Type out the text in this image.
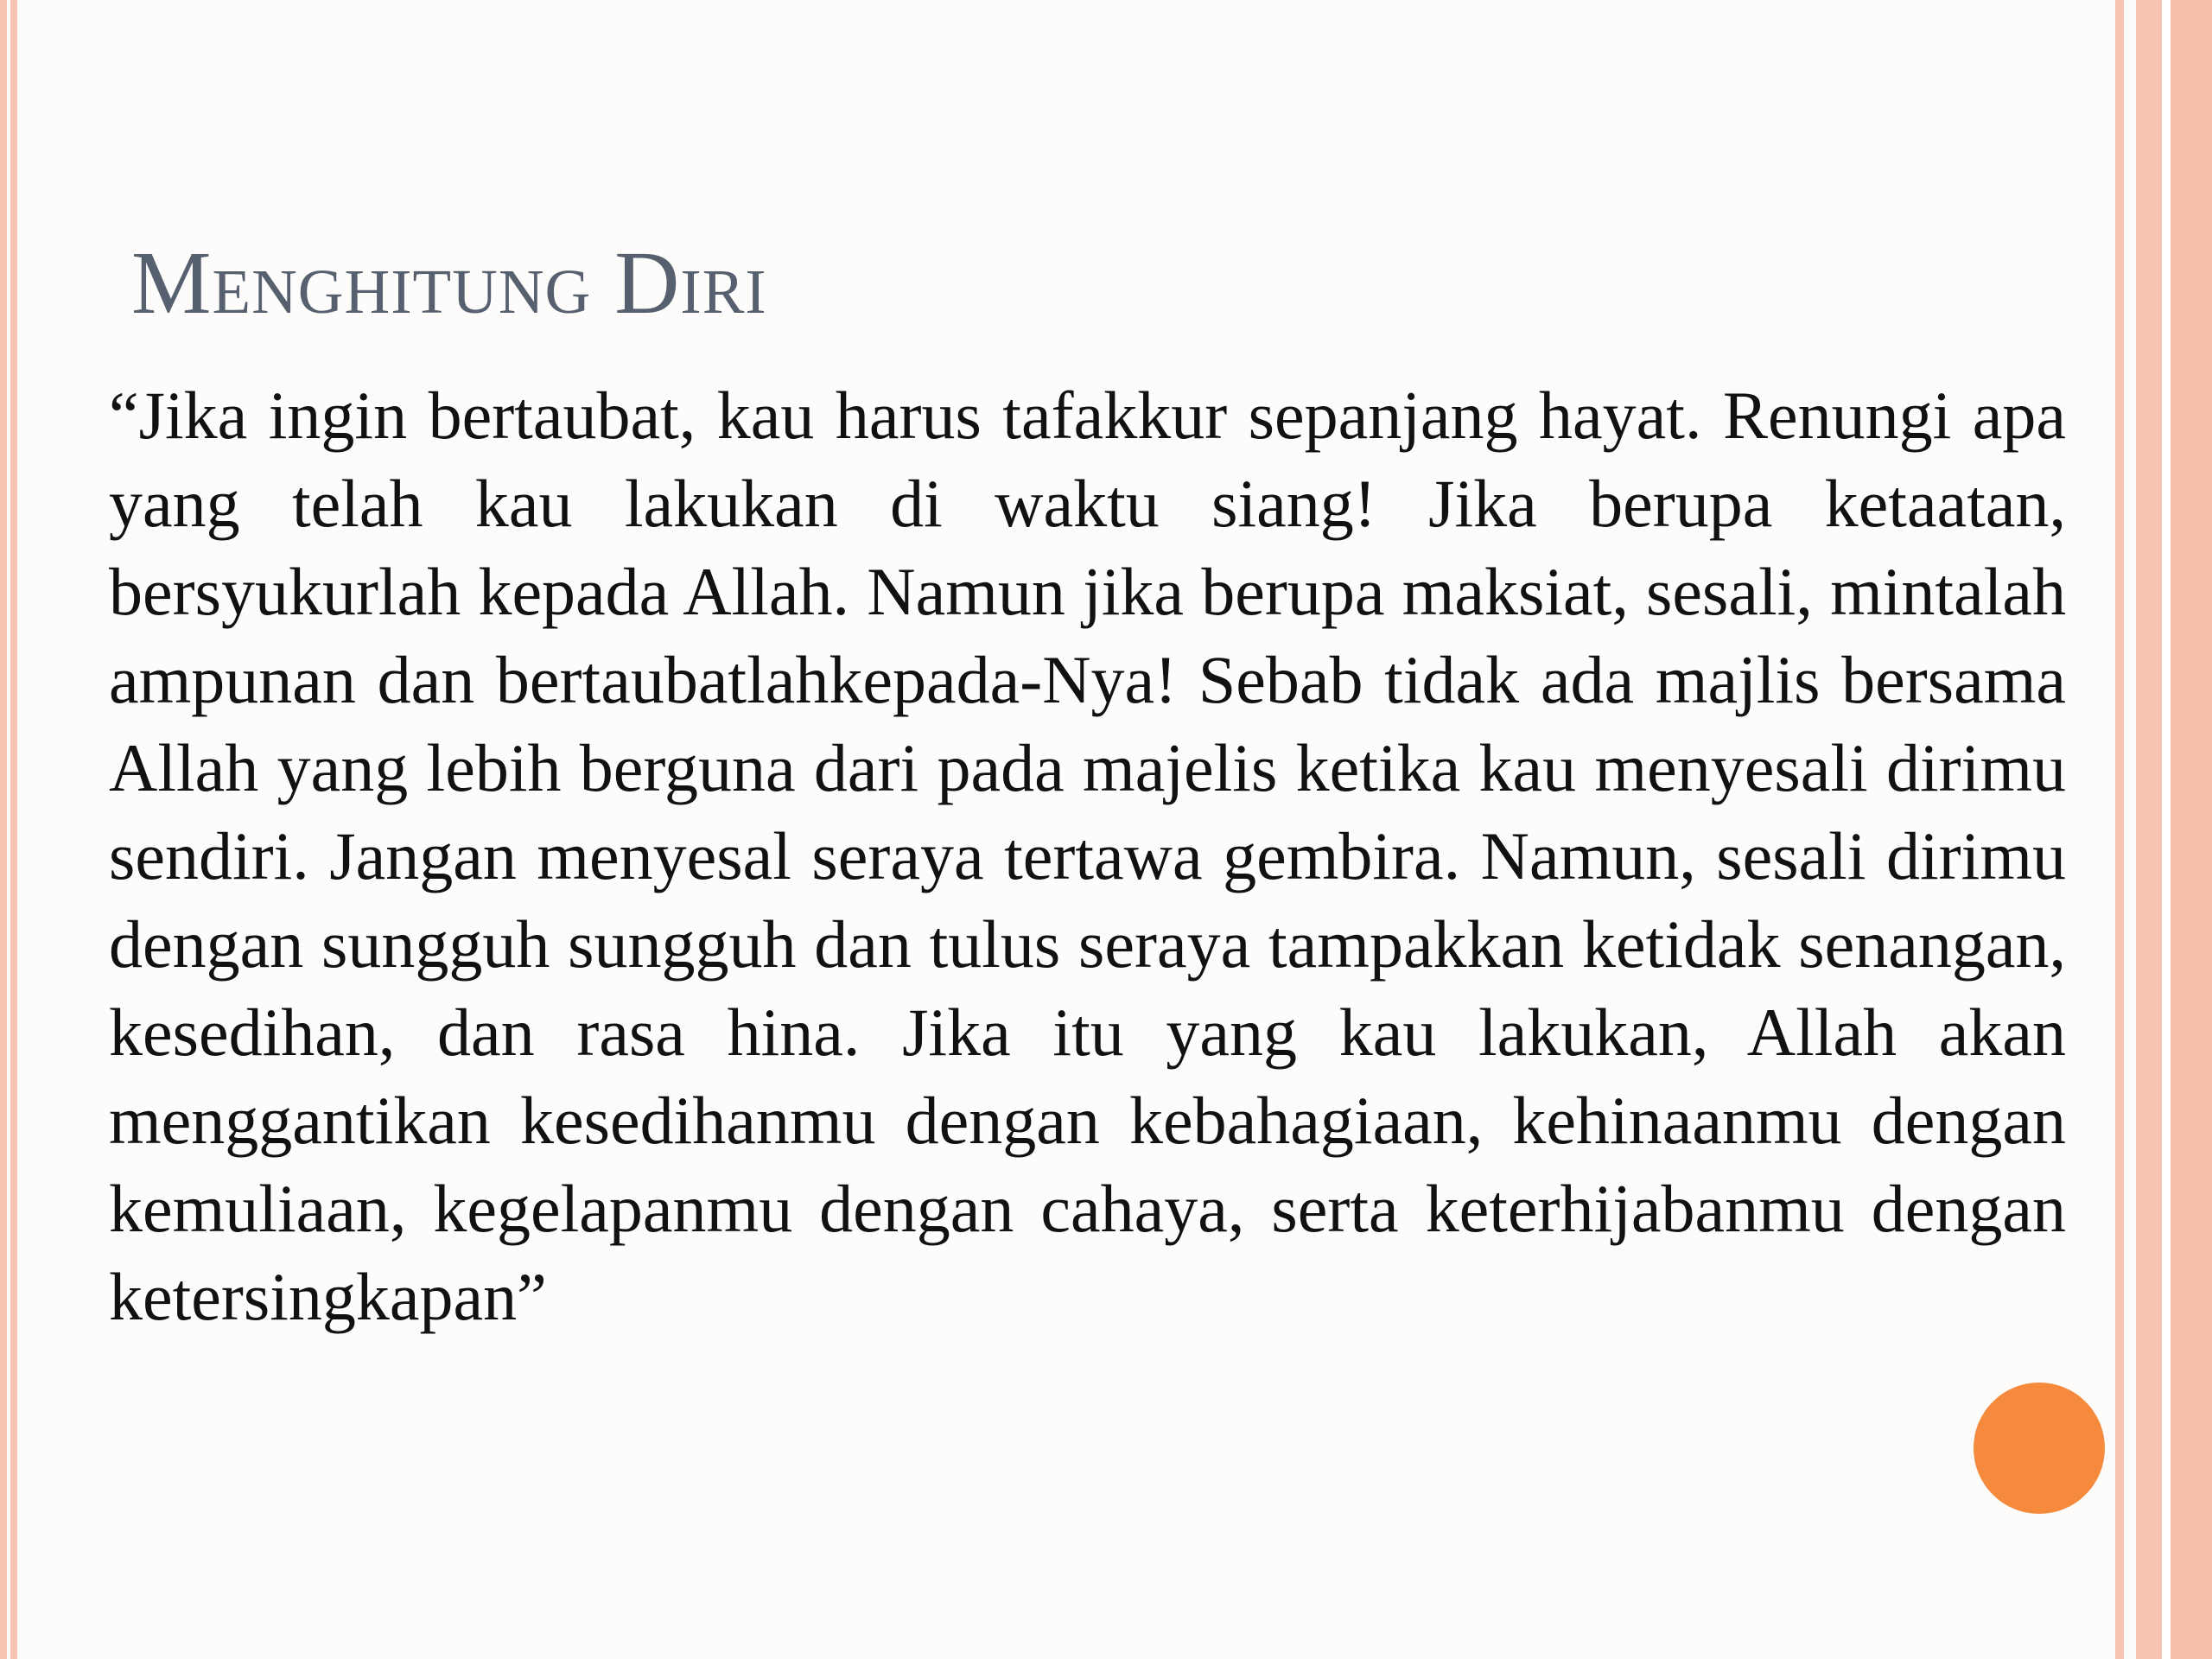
Menghitung Diri

“Jika ingin bertaubat, kau harus tafakkur sepanjang hayat. Renungi apa yang telah kau lakukan di waktu siang! Jika berupa ketaatan, bersyukurlah kepada Allah. Namun jika berupa maksiat, sesali, mintalah ampunan dan bertaubatlahkepada-Nya! Sebab tidak ada majlis bersama Allah yang lebih berguna dari pada majelis ketika kau menyesali dirimu sendiri. Jangan menyesal seraya tertawa gembira. Namun, sesali dirimu dengan sungguh sungguh dan tulus seraya tampakkan ketidak senangan, kesedihan, dan rasa hina. Jika itu yang kau lakukan, Allah akan menggantikan kesedihanmu dengan kebahagiaan, kehinaanmu dengan kemuliaan, kegelapanmu dengan cahaya, serta keterhijabanmu dengan ketersingkapan”
